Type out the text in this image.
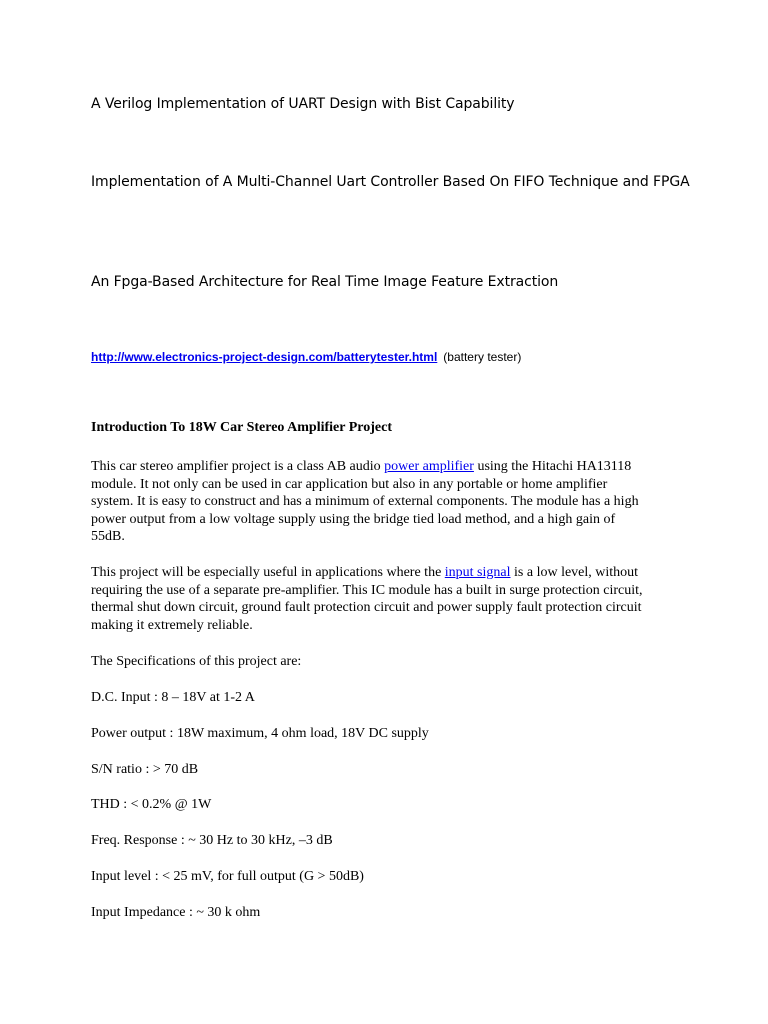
A Verilog Implementation of UART Design with Bist Capability
Implementation of A Multi-Channel Uart Controller Based On FIFO Technique and FPGA
An Fpga-Based Architecture for Real Time Image Feature Extraction
http://www.electronics-project-design.com/batterytester.html (battery tester)
Introduction To 18W Car Stereo Amplifier Project
This car stereo amplifier project is a class AB audio power amplifier using the Hitachi HA13118 module. It not only can be used in car application but also in any portable or home amplifier system. It is easy to construct and has a minimum of external components. The module has a high power output from a low voltage supply using the bridge tied load method, and a high gain of 55dB.
This project will be especially useful in applications where the input signal is a low level, without requiring the use of a separate pre-amplifier. This IC module has a built in surge protection circuit, thermal shut down circuit, ground fault protection circuit and power supply fault protection circuit making it extremely reliable.
The Specifications of this project are:
D.C. Input : 8 – 18V at 1-2 A
Power output : 18W maximum, 4 ohm load, 18V DC supply
S/N ratio : > 70 dB
THD : < 0.2% @ 1W
Freq. Response : ~ 30 Hz to 30 kHz, –3 dB
Input level : < 25 mV, for full output (G > 50dB)
Input Impedance : ~ 30 k ohm
